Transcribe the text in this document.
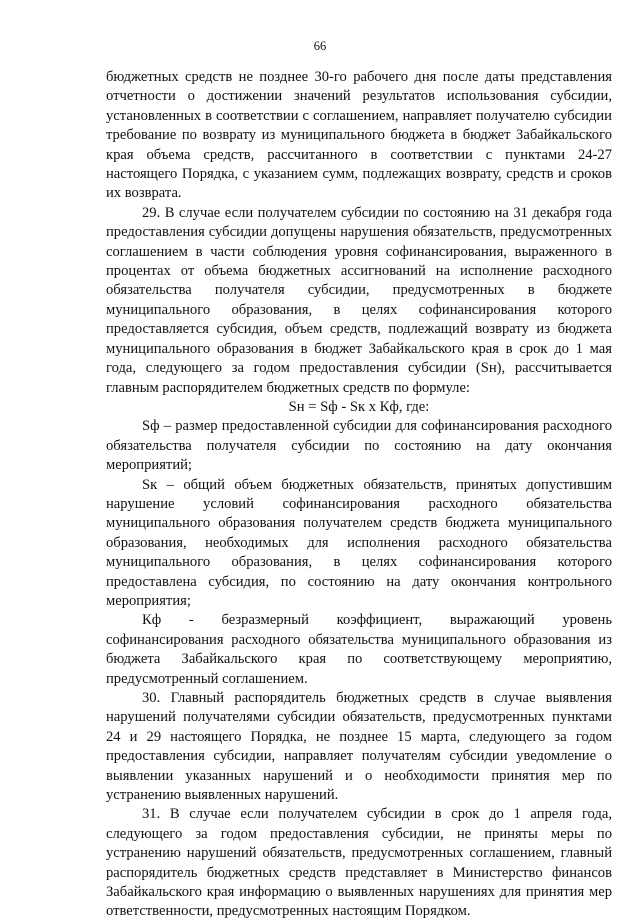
66

бюджетных средств не позднее 30-го рабочего дня после даты представления отчетности о достижении значений результатов использования субсидии, установленных в соответствии с соглашением, направляет получателю субсидии требование по возврату из муниципального бюджета в бюджет Забайкальского края объема средств, рассчитанного в соответствии с пунктами 24-27 настоящего Порядка, с указанием сумм, подлежащих возврату, средств и сроков их возврата.

29. В случае если получателем субсидии по состоянию на 31 декабря года предоставления субсидии допущены нарушения обязательств, предусмотренных соглашением в части соблюдения уровня софинансирования, выраженного в процентах от объема бюджетных ассигнований на исполнение расходного обязательства получателя субсидии, предусмотренных в бюджете муниципального образования, в целях софинансирования которого предоставляется субсидия, объем средств, подлежащий возврату из бюджета муниципального образования в бюджет Забайкальского края в срок до 1 мая года, следующего за годом предоставления субсидии (Sн), рассчитывается главным распорядителем бюджетных средств по формуле:

Sн = Sф - Sк х Кф, где:

Sф – размер предоставленной субсидии для софинансирования расходного обязательства получателя субсидии по состоянию на дату окончания мероприятий;

Sк – общий объем бюджетных обязательств, принятых допустившим нарушение условий софинансирования расходного обязательства муниципального образования получателем средств бюджета муниципального образования, необходимых для исполнения расходного обязательства муниципального образования, в целях софинансирования которого предоставлена субсидия, по состоянию на дату окончания контрольного мероприятия;

Кф - безразмерный коэффициент, выражающий уровень софинансирования расходного обязательства муниципального образования из бюджета Забайкальского края по соответствующему мероприятию, предусмотренный соглашением.

30. Главный распорядитель бюджетных средств в случае выявления нарушений получателями субсидии обязательств, предусмотренных пунктами 24 и 29 настоящего Порядка, не позднее 15 марта, следующего за годом предоставления субсидии, направляет получателям субсидии уведомление о выявлении указанных нарушений и о необходимости принятия мер по устранению выявленных нарушений.

31. В случае если получателем субсидии в срок до 1 апреля года, следующего за годом предоставления субсидии, не приняты меры по устранению нарушений обязательств, предусмотренных соглашением, главный распорядитель бюджетных средств представляет в Министерство финансов Забайкальского края информацию о выявленных нарушениях для принятия мер ответственности, предусмотренных настоящим Порядком.
